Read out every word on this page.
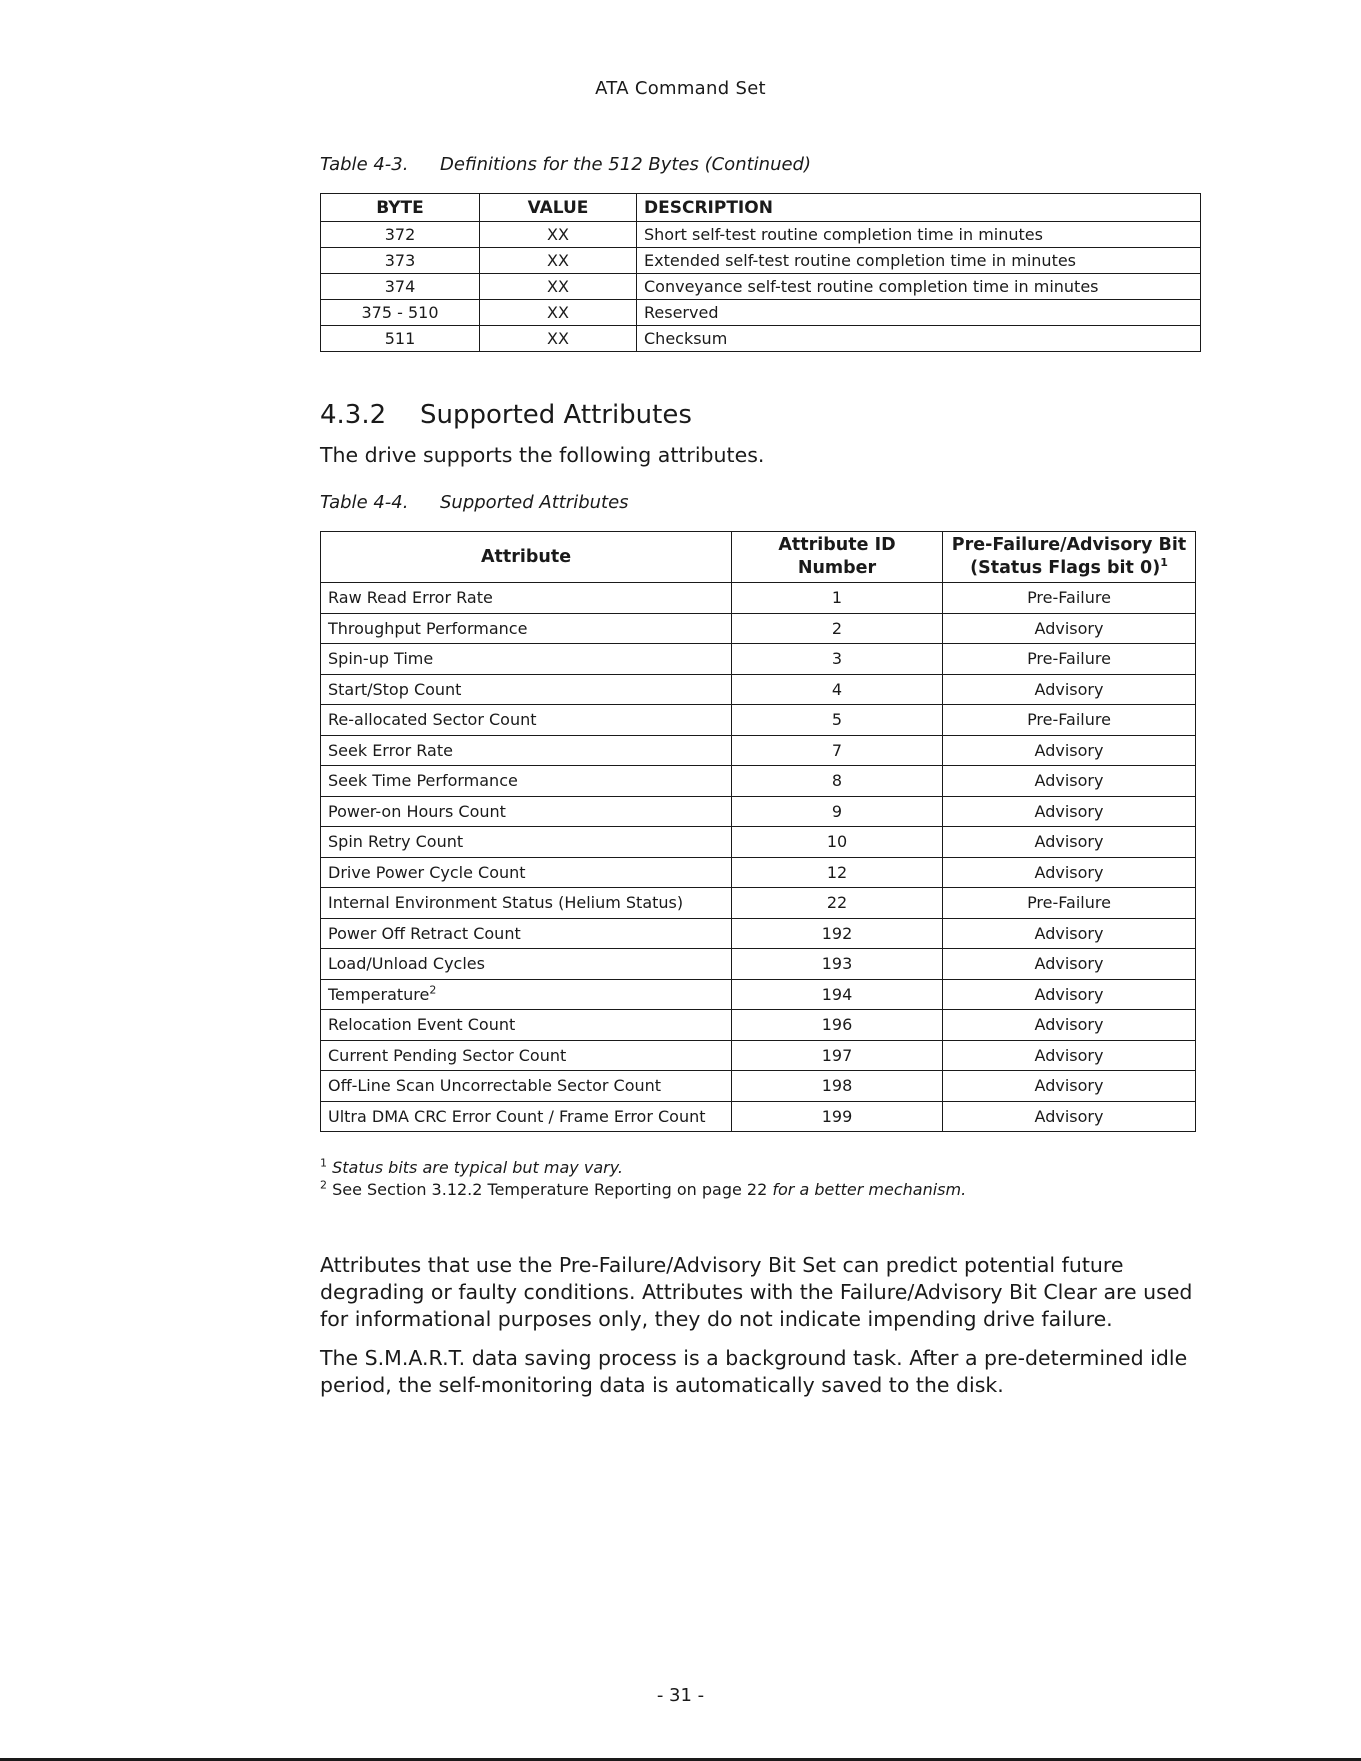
ATA Command Set
Table 4-3. Definitions for the 512 Bytes (Continued)
BYTE	VALUE	DESCRIPTION
372	XX	Short self-test routine completion time in minutes
373	XX	Extended self-test routine completion time in minutes
374	XX	Conveyance self-test routine completion time in minutes
375 - 510	XX	Reserved
511	XX	Checksum
4.3.2 Supported Attributes
The drive supports the following attributes.
Table 4-4. Supported Attributes
Attribute	Attribute ID Number	Pre-Failure/Advisory Bit
(Status Flags bit 0)$^1$
Raw Read Error Rate	1	Pre-Failure
Throughput Performance	2	Advisory
Spin-up Time	3	Pre-Failure
Start/Stop Count	4	Advisory
Re-allocated Sector Count	5	Pre-Failure
Seek Error Rate	7	Advisory
Seek Time Performance	8	Advisory
Power-on Hours Count	9	Advisory
Spin Retry Count	10	Advisory
Drive Power Cycle Count	12	Advisory
Internal Environment Status (Helium Status)	22	Pre-Failure
Power Off Retract Count	192	Advisory
Load/Unload Cycles	193	Advisory
Temperature$^2$	194	Advisory
Relocation Event Count	196	Advisory
Current Pending Sector Count	197	Advisory
Off-Line Scan Uncorrectable Sector Count	198	Advisory
Ultra DMA CRC Error Count / Frame Error Count	199	Advisory
$^1$ Status bits are typical but may vary.
$^2$ See Section 3.12.2 Temperature Reporting on page 22 for a better mechanism.
Attributes that use the Pre-Failure/Advisory Bit Set can predict potential future degrading or faulty conditions. Attributes with the Failure/Advisory Bit Clear are used for informational purposes only, they do not indicate impending drive failure.
The S.M.A.R.T. data saving process is a background task. After a pre-determined idle period, the self-monitoring data is automatically saved to the disk.
- 31 -
